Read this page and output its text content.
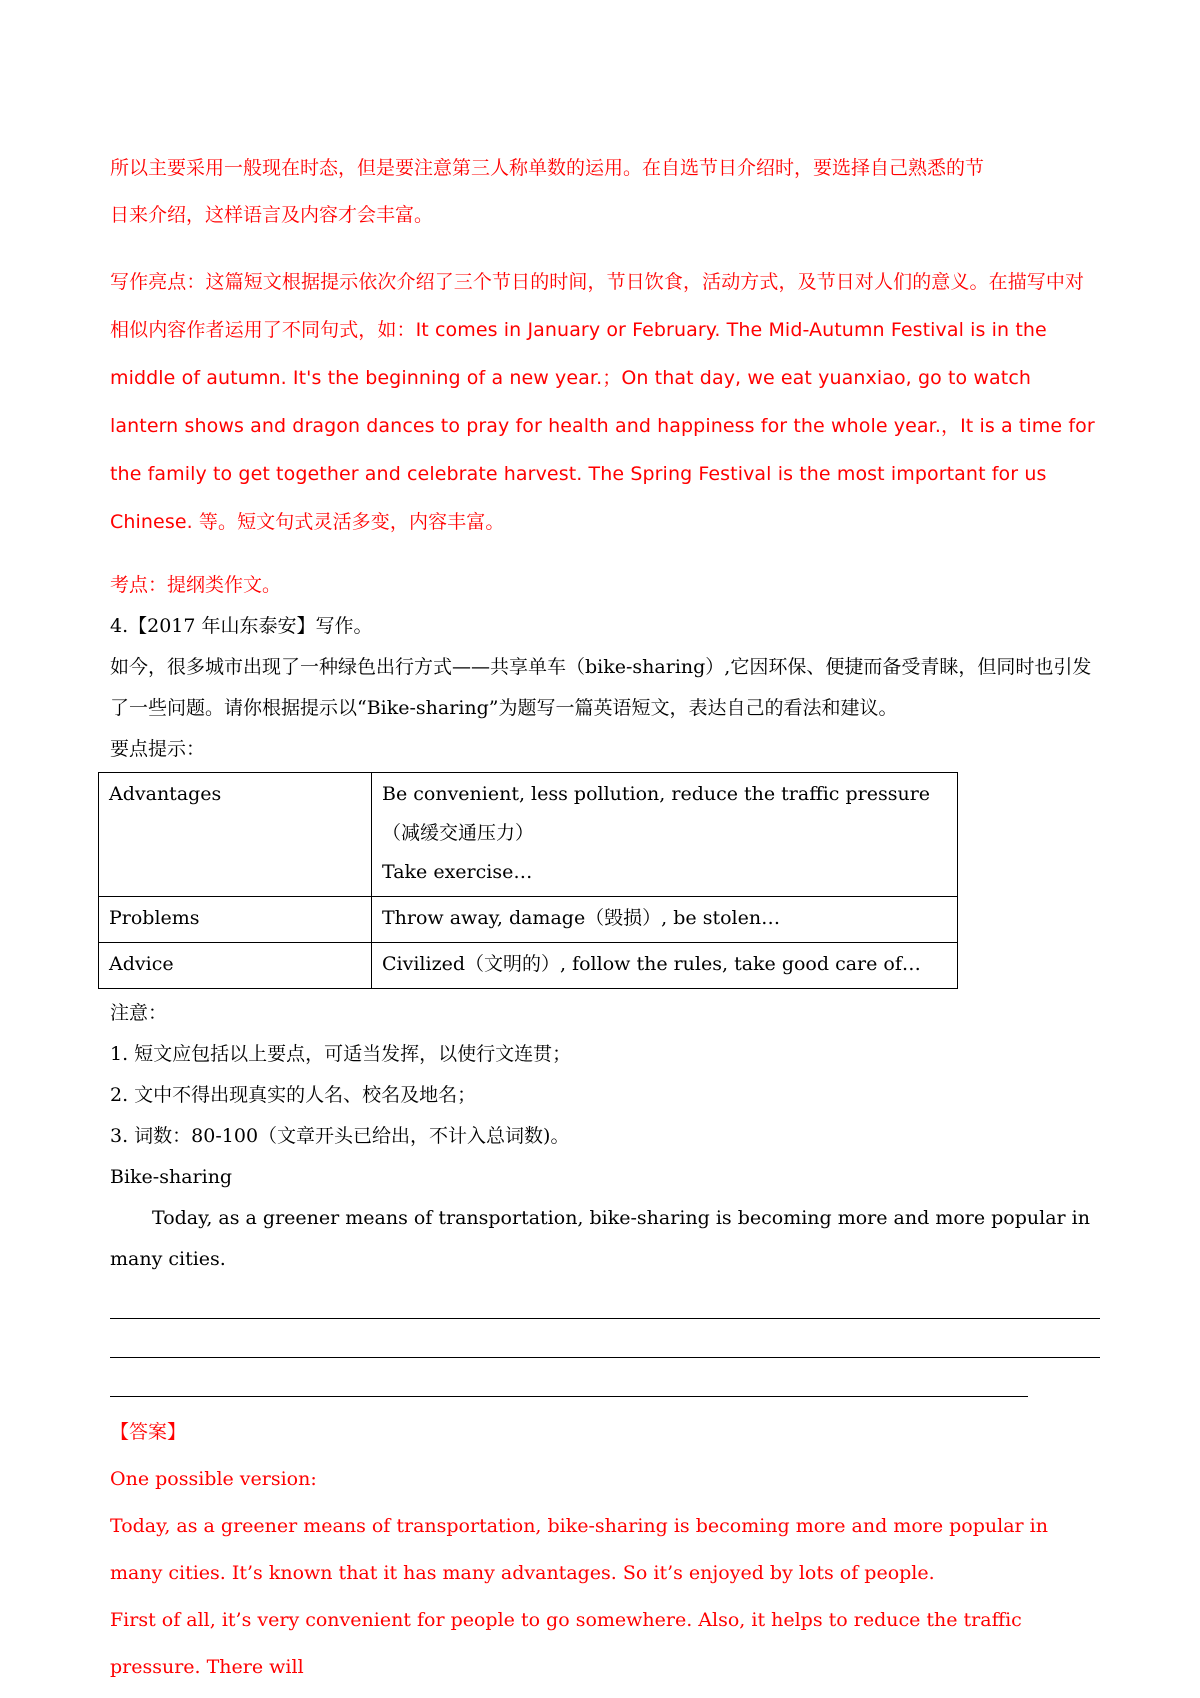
所以主要采用一般现在时态，但是要注意第三人称单数的运用。在自选节日介绍时，要选择自己熟悉的节

日来介绍，这样语言及内容才会丰富。

写作亮点：这篇短文根据提示依次介绍了三个节日的时间，节日饮食，活动方式，及节日对人们的意义。在描写中对相似内容作者运用了不同句式，如：It comes in January or February. The Mid-Autumn Festival is in the middle of autumn. It's the beginning of a new year.；On that day, we eat yuanxiao, go to watch lantern shows and dragon dances to pray for health and happiness for the whole year.，It is a time for the family to get together and celebrate harvest. The Spring Festival is the most important for us Chinese. 等。短文句式灵活多变，内容丰富。

考点：提纲类作文。

4.【2017 年山东泰安】写作。

如今，很多城市出现了一种绿色出行方式——共享单车（bike-sharing）,它因环保、便捷而备受青睐，但同时也引发了一些问题。请你根据提示以“Bike-sharing”为题写一篇英语短文，表达自己的看法和建议。

要点提示：

Advantages	Be convenient, less pollution, reduce the traffic pressure（减缓交通压力）
Take exercise…

Problems	Throw away, damage（毁损）, be stolen…

Advice	Civilized（文明的）, follow the rules, take good care of…

注意：

1. 短文应包括以上要点，可适当发挥，以使行文连贯；

2. 文中不得出现真实的人名、校名及地名；

3. 词数：80-100（文章开头已给出，不计入总词数)。

Bike-sharing

Today, as a greener means of transportation, bike-sharing is becoming more and more popular in many cities.

【答案】

One possible version:

Today, as a greener means of transportation, bike-sharing is becoming more and more popular in many cities. It’s known that it has many advantages. So it’s enjoyed by lots of people.

First of all, it’s very convenient for people to go somewhere. Also, it helps to reduce the traffic pressure. There will
